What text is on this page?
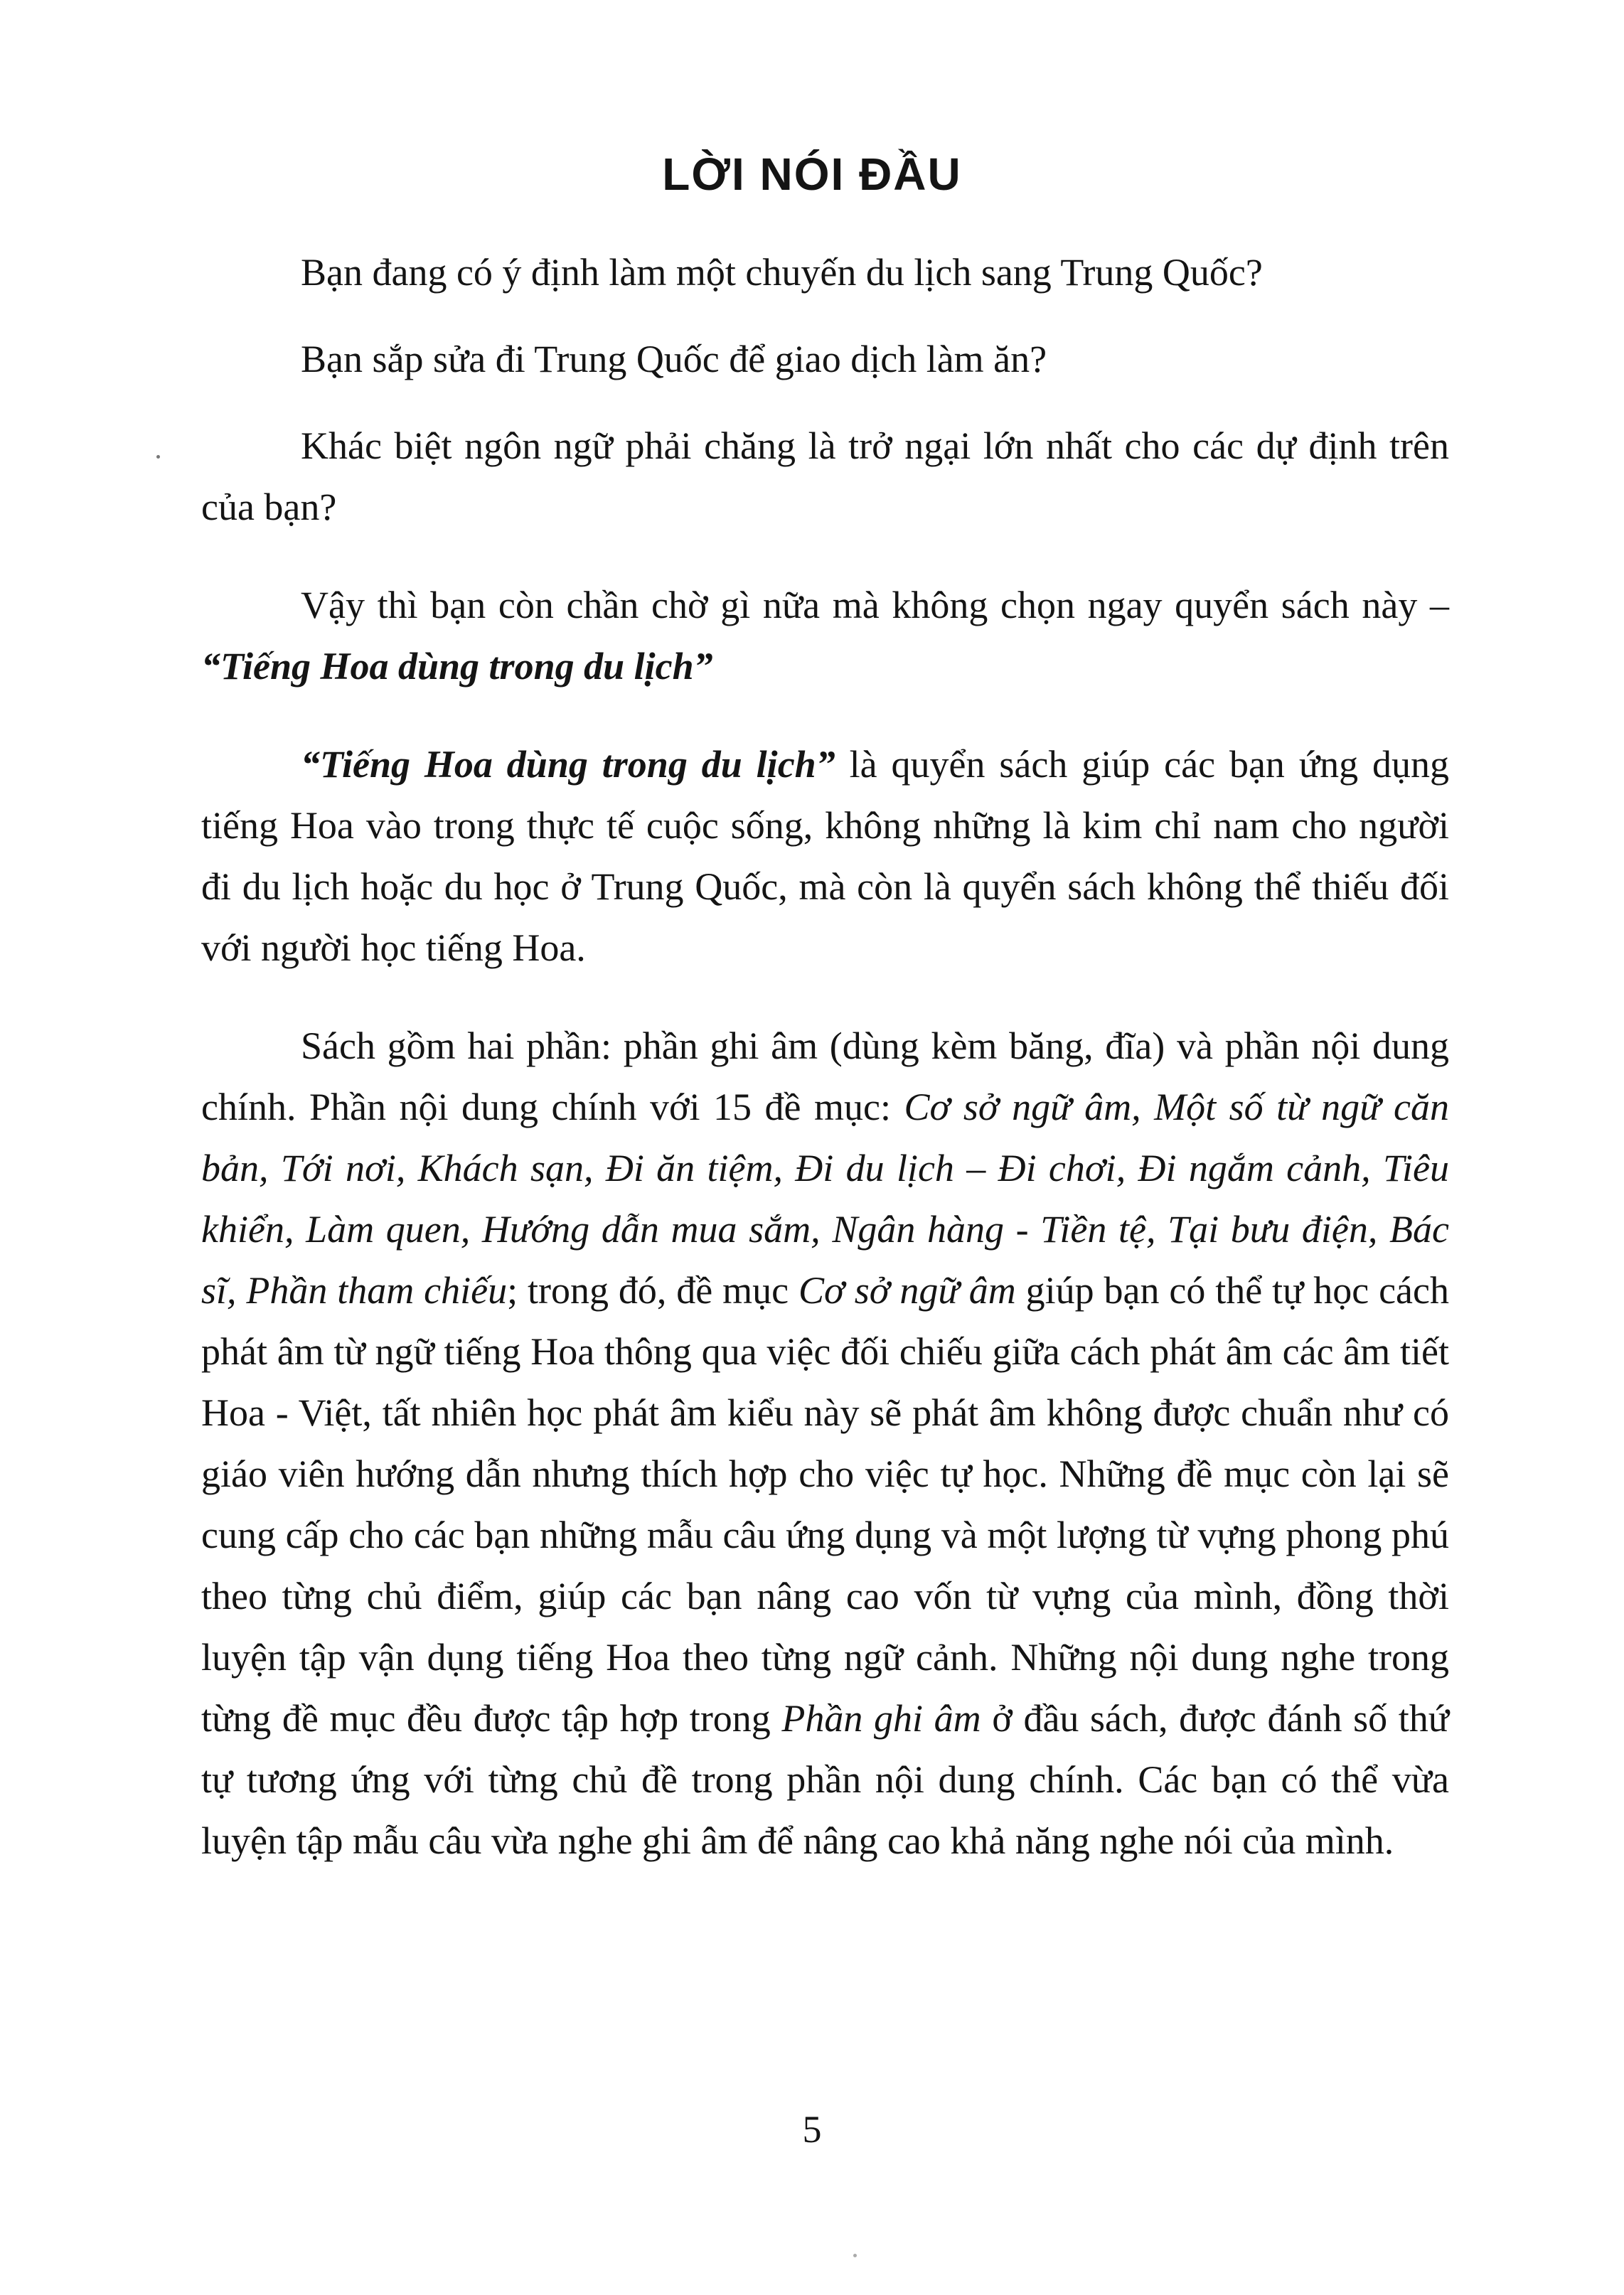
LỜI NÓI ĐẦU

Bạn đang có ý định làm một chuyến du lịch sang Trung Quốc?

Bạn sắp sửa đi Trung Quốc để giao dịch làm ăn?

Khác biệt ngôn ngữ phải chăng là trở ngại lớn nhất cho các dự định trên của bạn?

Vậy thì bạn còn chần chờ gì nữa mà không chọn ngay quyển sách này – “Tiếng Hoa dùng trong du lịch”

“Tiếng Hoa dùng trong du lịch” là quyển sách giúp các bạn ứng dụng tiếng Hoa vào trong thực tế cuộc sống, không những là kim chỉ nam cho người đi du lịch hoặc du học ở Trung Quốc, mà còn là quyển sách không thể thiếu đối với người học tiếng Hoa.

Sách gồm hai phần: phần ghi âm (dùng kèm băng, đĩa) và phần nội dung chính. Phần nội dung chính với 15 đề mục: Cơ sở ngữ âm, Một số từ ngữ căn bản, Tới nơi, Khách sạn, Đi ăn tiệm, Đi du lịch – Đi chơi, Đi ngắm cảnh, Tiêu khiển, Làm quen, Hướng dẫn mua sắm, Ngân hàng - Tiền tệ, Tại bưu điện, Bác sĩ, Phần tham chiếu; trong đó, đề mục Cơ sở ngữ âm giúp bạn có thể tự học cách phát âm từ ngữ tiếng Hoa thông qua việc đối chiếu giữa cách phát âm các âm tiết Hoa - Việt, tất nhiên học phát âm kiểu này sẽ phát âm không được chuẩn như có giáo viên hướng dẫn nhưng thích hợp cho việc tự học. Những đề mục còn lại sẽ cung cấp cho các bạn những mẫu câu ứng dụng và một lượng từ vựng phong phú theo từng chủ điểm, giúp các bạn nâng cao vốn từ vựng của mình, đồng thời luyện tập vận dụng tiếng Hoa theo từng ngữ cảnh. Những nội dung nghe trong từng đề mục đều được tập hợp trong Phần ghi âm ở đầu sách, được đánh số thứ tự tương ứng với từng chủ đề trong phần nội dung chính. Các bạn có thể vừa luyện tập mẫu câu vừa nghe ghi âm để nâng cao khả năng nghe nói của mình.

5
